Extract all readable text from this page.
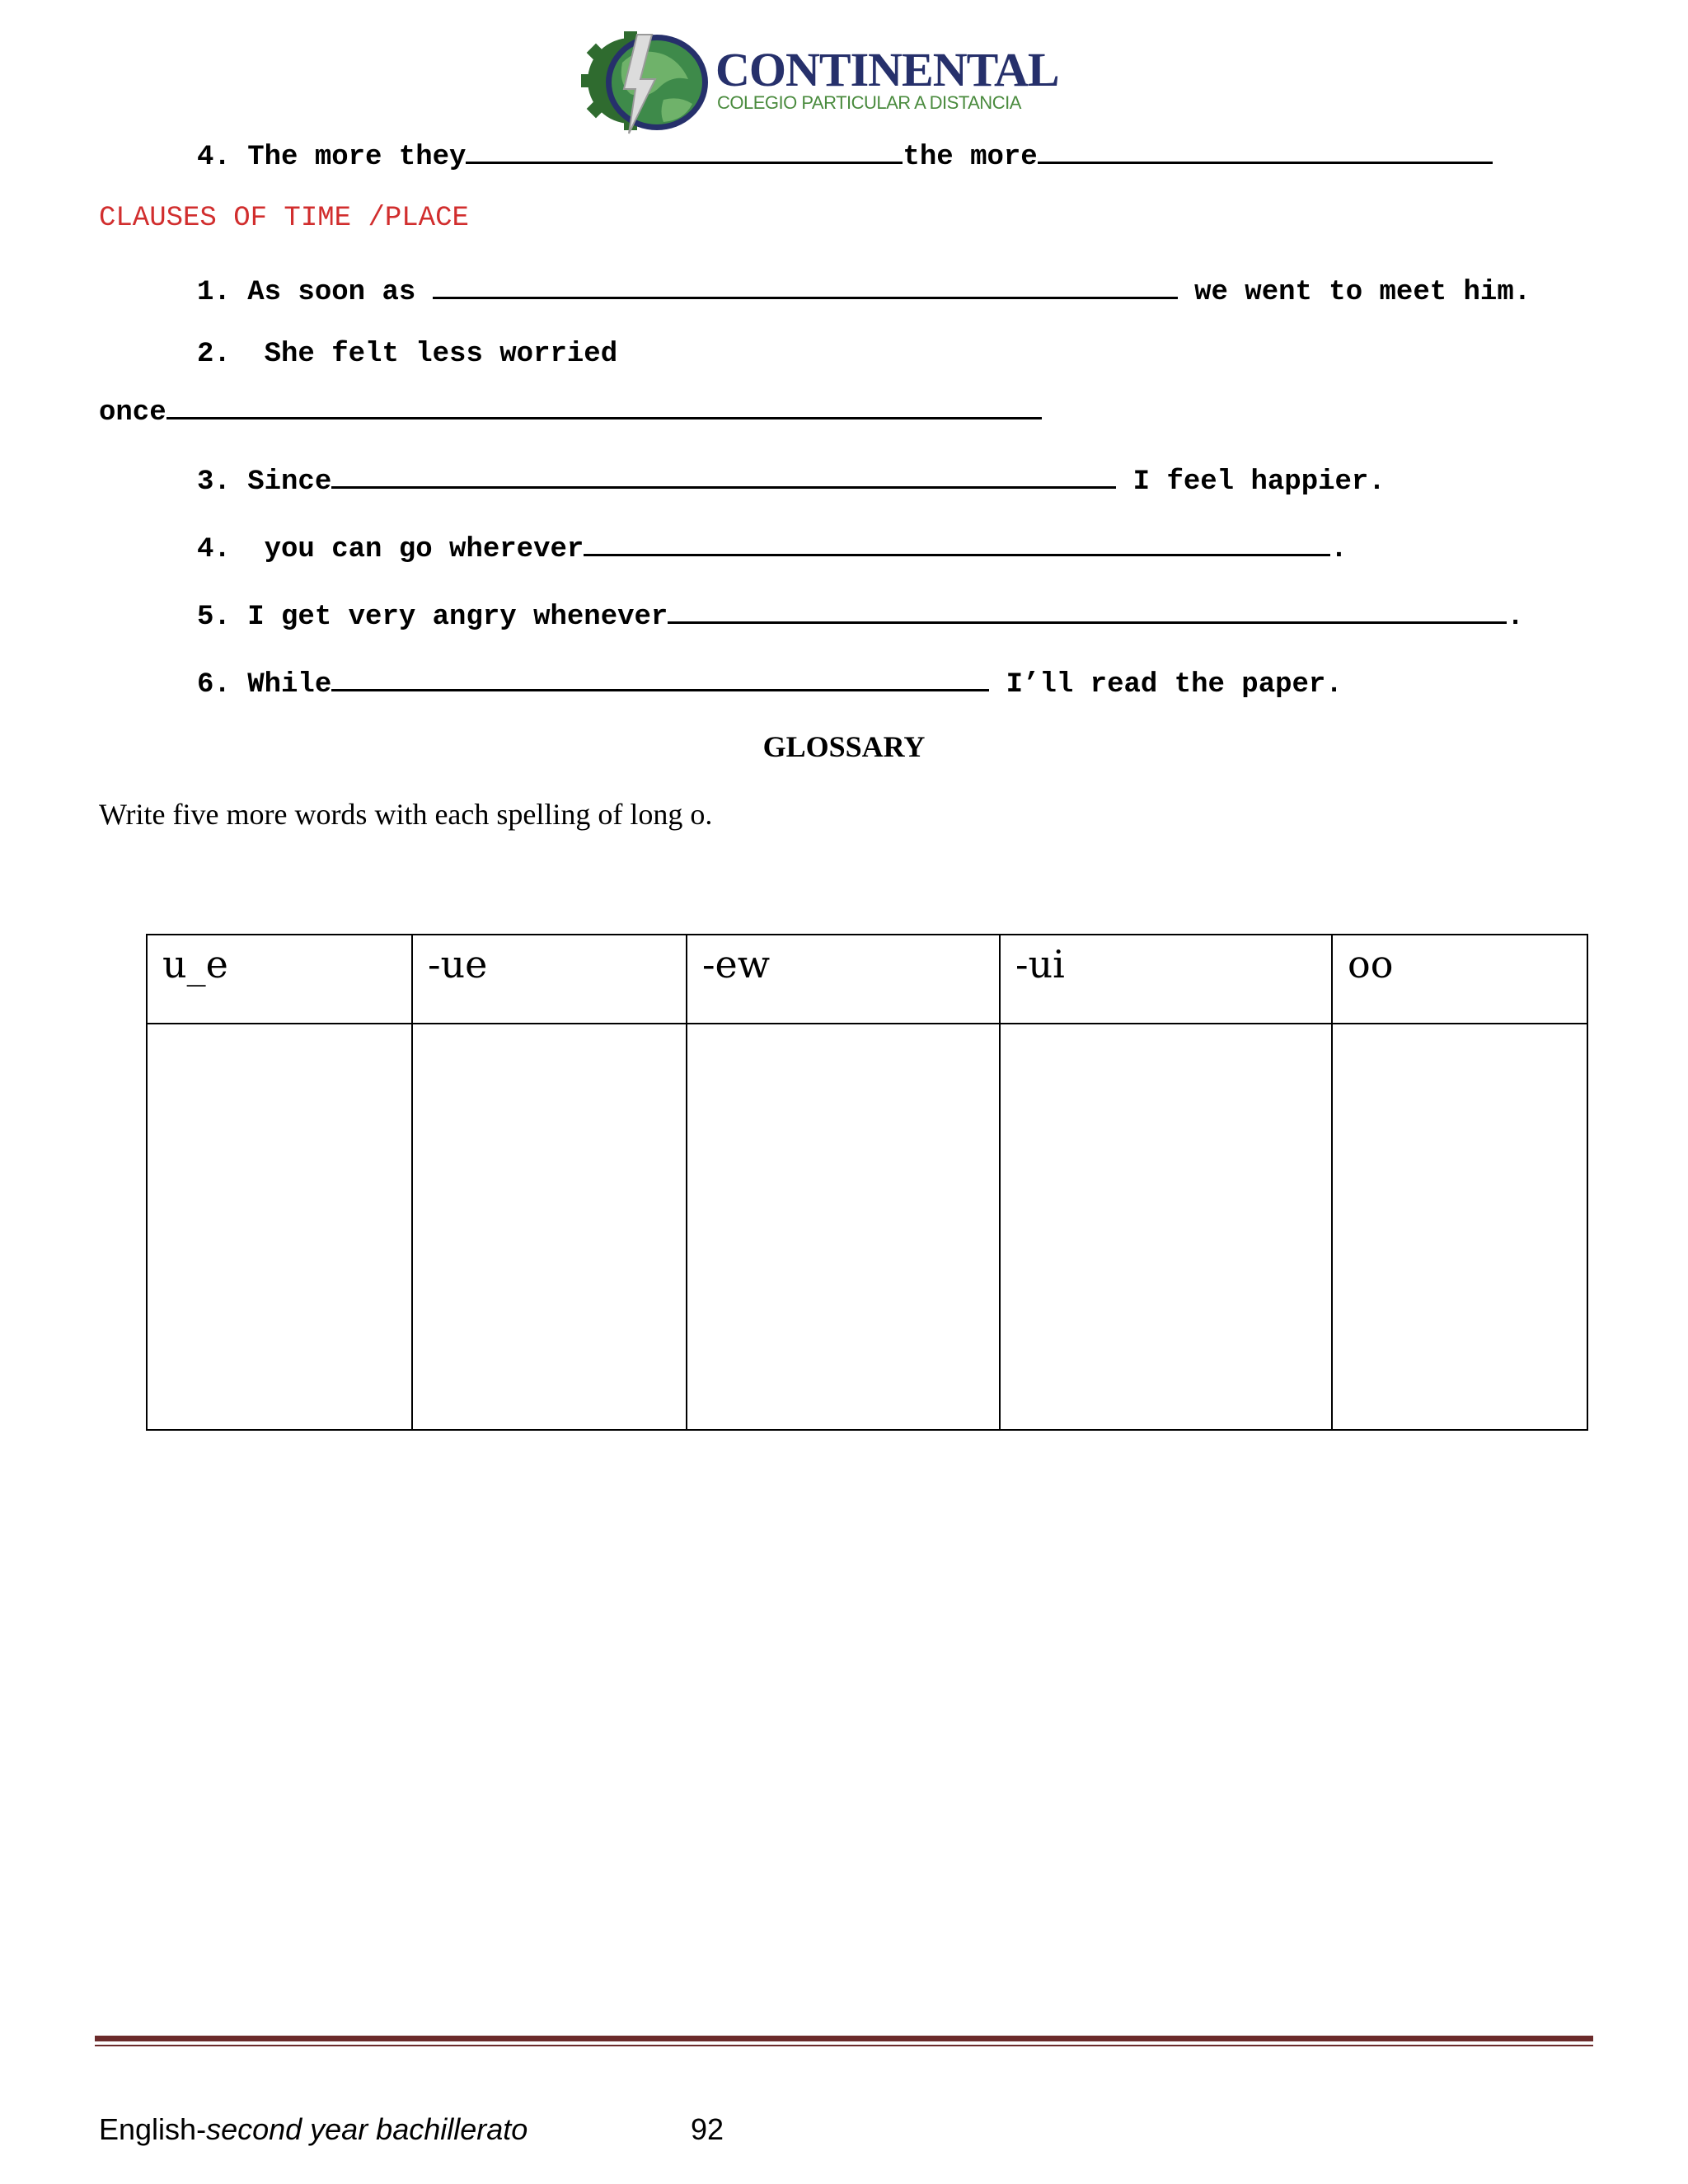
CONTINENTAL
COLEGIO PARTICULAR A DISTANCIA
4. The more they	the more
CLAUSES OF TIME /PLACE
1. As soon as	we went to meet him.
2. She felt less worried
once
3. Since	I feel happier.
4. you can go wherever	.
5. I get very angry whenever	.
6. While	I’ll read the paper.
GLOSSARY
Write five more words with each spelling of long o.
u_e	-ue	-ew	-ui	oo

English-second year bachillerato	92
